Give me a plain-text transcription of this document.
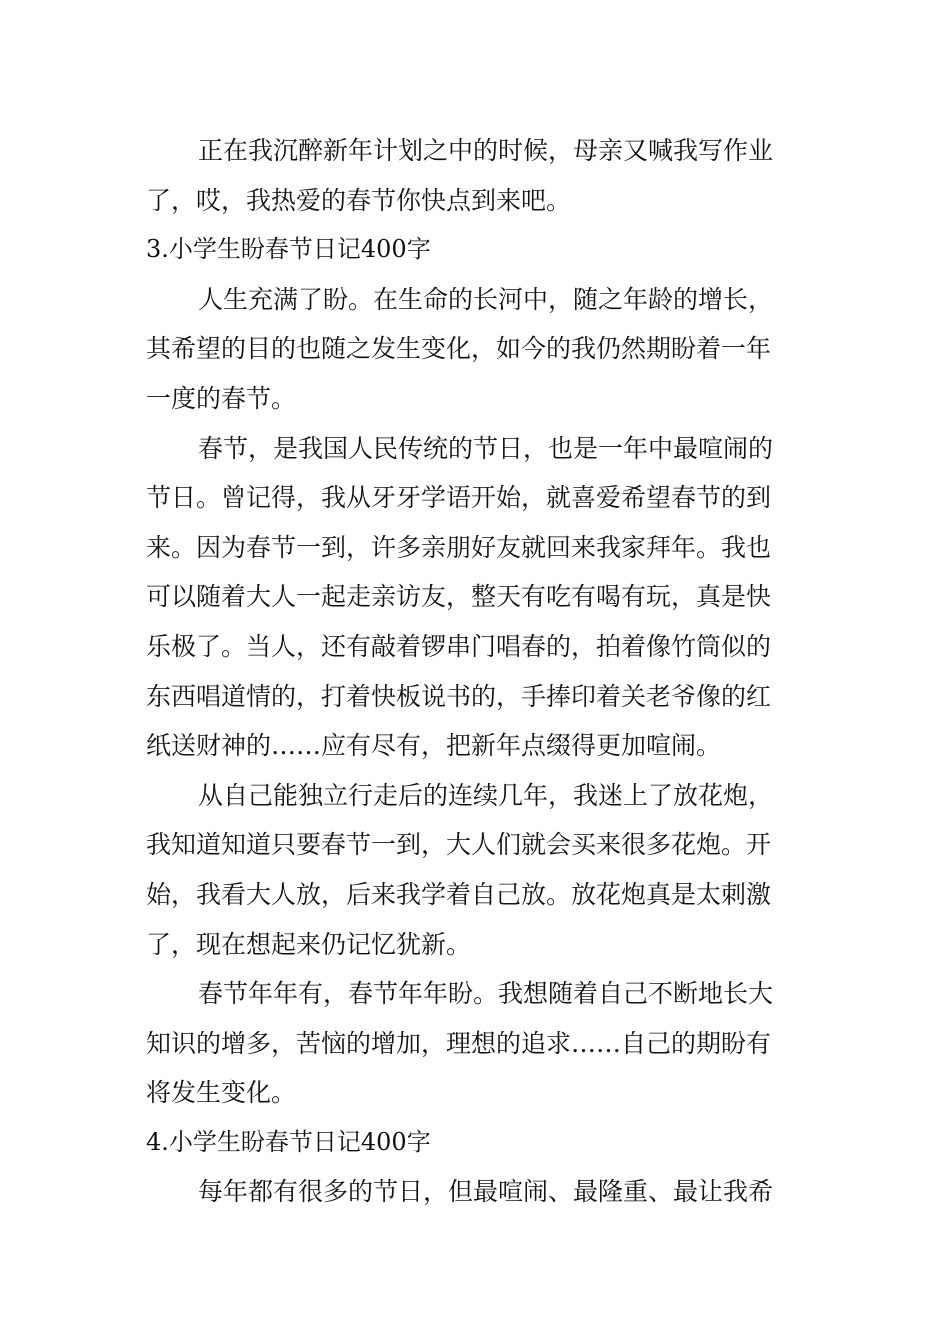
正在我沉醉新年计划之中的时候，母亲又喊我写作业
了，哎，我热爱的春节你快点到来吧。
3.小学生盼春节日记400字
人生充满了盼。在生命的长河中，随之年龄的增长，
其希望的目的也随之发生变化，如今的我仍然期盼着一年
一度的春节。
春节，是我国人民传统的节日，也是一年中最喧闹的
节日。曾记得，我从牙牙学语开始，就喜爱希望春节的到
来。因为春节一到，许多亲朋好友就回来我家拜年。我也
可以随着大人一起走亲访友，整天有吃有喝有玩，真是快
乐极了。当人，还有敲着锣串门唱春的，拍着像竹筒似的
东西唱道情的，打着快板说书的，手捧印着关老爷像的红
纸送财神的……应有尽有，把新年点缀得更加喧闹。
从自己能独立行走后的连续几年，我迷上了放花炮，
我知道知道只要春节一到，大人们就会买来很多花炮。开
始，我看大人放，后来我学着自己放。放花炮真是太刺激
了，现在想起来仍记忆犹新。
春节年年有，春节年年盼。我想随着自己不断地长大
知识的增多，苦恼的增加，理想的追求……自己的期盼有
将发生变化。
4.小学生盼春节日记400字
每年都有很多的节日，但最喧闹、最隆重、最让我希
